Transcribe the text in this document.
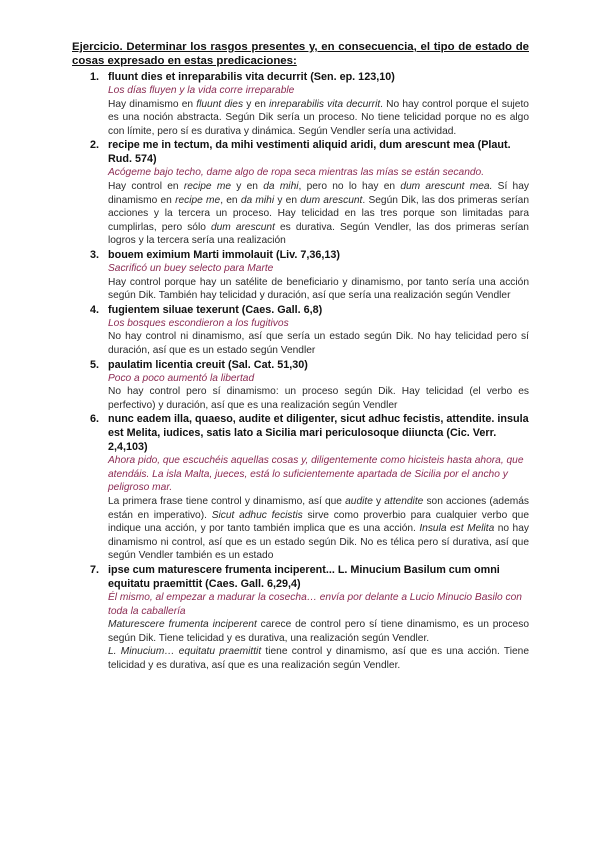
Ejercicio. Determinar los rasgos presentes y, en consecuencia, el tipo de estado de cosas expresado en estas predicaciones:

1. fluunt dies et inreparabilis vita decurrit (Sen. ep. 123,10)

Los días fluyen y la vida corre irreparable

Hay dinamismo en fluunt dies y en inreparabilis vita decurrit. No hay control porque el sujeto es una noción abstracta. Según Dik sería un proceso. No tiene telicidad porque no es algo con límite, pero sí es durativa y dinámica. Según Vendler sería una actividad.

2. recipe me in tectum, da mihi vestimenti aliquid aridi, dum arescunt mea (Plaut. Rud. 574)

Acógeme bajo techo, dame algo de ropa seca mientras las mías se están secando.

Hay control en recipe me y en da mihi, pero no lo hay en dum arescunt mea. Sí hay dinamismo en recipe me, en da mihi y en dum arescunt. Según Dik, las dos primeras serían acciones y la tercera un proceso. Hay telicidad en las tres porque son limitadas para cumplirlas, pero sólo dum arescunt es durativa. Según Vendler, las dos primeras serían logros y la tercera sería una realización

3. bouem eximium Marti immolauit (Liv. 7,36,13)

Sacrificó un buey selecto para Marte

Hay control porque hay un satélite de beneficiario y dinamismo, por tanto sería una acción según Dik. También hay telicidad y duración, así que sería una realización según Vendler

4. fugientem siluae texerunt (Caes. Gall. 6,8)

Los bosques escondieron a los fugitivos

No hay control ni dinamismo, así que sería un estado según Dik. No hay telicidad pero sí duración, así que es un estado según Vendler

5. paulatim licentia creuit (Sal. Cat. 51,30)

Poco a poco aumentó la libertad

No hay control pero sí dinamismo: un proceso según Dik. Hay telicidad (el verbo es perfectivo) y duración, así que es una realización según Vendler

6. nunc eadem illa, quaeso, audite et diligenter, sicut adhuc fecistis, attendite. insula est Melita, iudices, satis lato a Sicilia mari periculosoque diiuncta (Cic. Verr. 2,4,103)

Ahora pido, que escuchéis aquellas cosas y, diligentemente como hicisteis hasta ahora, que atendáis. La isla Malta, jueces, está lo suficientemente apartada de Sicilia por el ancho y peligroso mar.

La primera frase tiene control y dinamismo, así que audite y attendite son acciones (además están en imperativo). Sicut adhuc fecistis sirve como proverbio para cualquier verbo que indique una acción, y por tanto también implica que es una acción. Insula est Melita no hay dinamismo ni control, así que es un estado según Dik. No es télica pero sí durativa, así que según Vendler también es un estado

7. ipse cum maturescere frumenta inciperent... L. Minucium Basilum cum omni equitatu praemittit (Caes. Gall. 6,29,4)

Él mismo, al empezar a madurar la cosecha… envía por delante a Lucio Minucio Basilo con toda la caballería

Maturescere frumenta inciperent carece de control pero sí tiene dinamismo, es un proceso según Dik. Tiene telicidad y es durativa, una realización según Vendler.

L. Minucium… equitatu praemittit tiene control y dinamismo, así que es una acción. Tiene telicidad y es durativa, así que es una realización según Vendler.
